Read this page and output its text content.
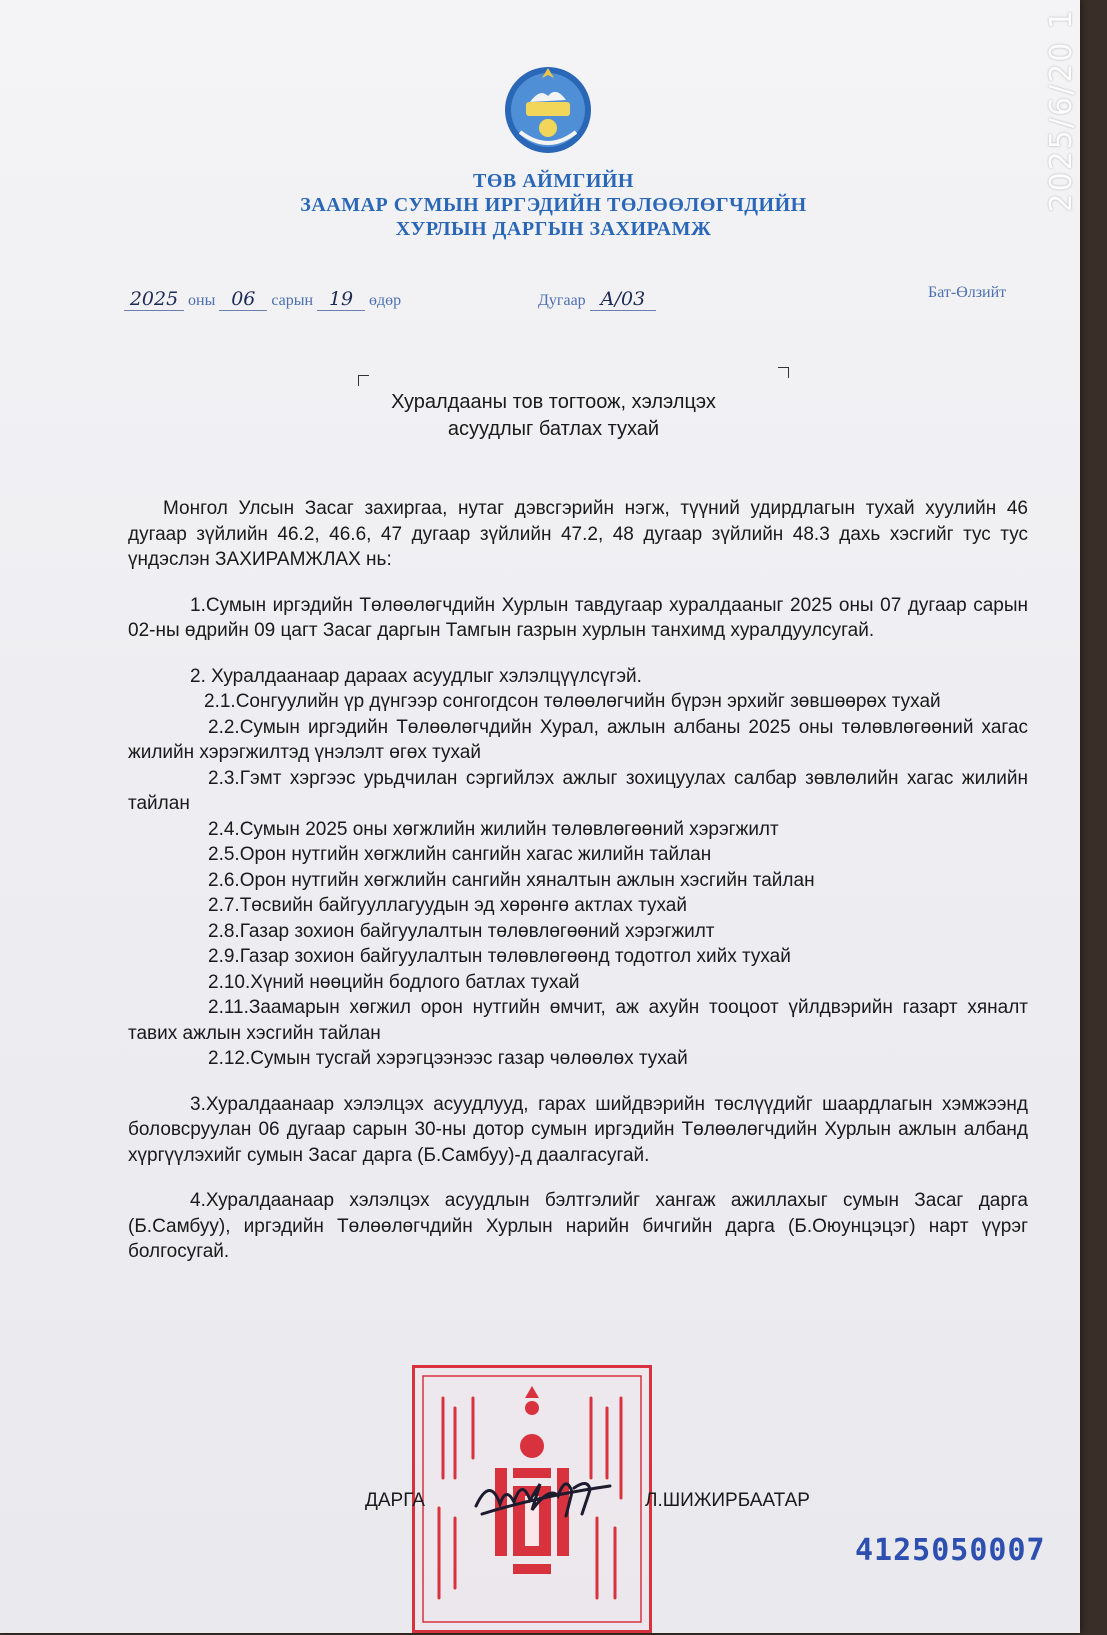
ТӨВ АЙМГИЙН
ЗААМАР СУМЫН ИРГЭДИЙН ТӨЛӨӨЛӨГЧДИЙН
ХУРЛЫН ДАРГЫН ЗАХИРАМЖ
2025 оны 06 сарын 19 өдөр	Дугаар А/03	Бат-Өлзийт
Хуралдааны тов тогтоож, хэлэлцэх
асуудлыг батлах тухай

Монгол Улсын Засаг захиргаа, нутаг дэвсгэрийн нэгж, түүний удирдлагын тухай хуулийн 46 дугаар зүйлийн 46.2, 46.6, 47 дугаар зүйлийн 47.2, 48 дугаар зүйлийн 48.3 дахь хэсгийг тус тус үндэслэн ЗАХИРАМЖЛАХ нь:

1.Сумын иргэдийн Төлөөлөгчдийн Хурлын тавдугаар хуралдааныг 2025 оны 07 дугаар сарын 02-ны өдрийн 09 цагт Засаг даргын Тамгын газрын хурлын танхимд хуралдуулсугай.

2. Хуралдаанаар дараах асуудлыг хэлэлцүүлсүгэй.

2.1.Сонгуулийн үр дүнгээр сонгогдсон төлөөлөгчийн бүрэн эрхийг зөвшөөрөх тухай

2.2.Сумын иргэдийн Төлөөлөгчдийн Хурал, ажлын албаны 2025 оны төлөвлөгөөний хагас жилийн хэрэгжилтэд үнэлэлт өгөх тухай

2.3.Гэмт хэргээс урьдчилан сэргийлэх ажлыг зохицуулах салбар зөвлөлийн хагас жилийн тайлан

2.4.Сумын 2025 оны хөгжлийн жилийн төлөвлөгөөний хэрэгжилт

2.5.Орон нутгийн хөгжлийн сангийн хагас жилийн тайлан

2.6.Орон нутгийн хөгжлийн сангийн хяналтын ажлын хэсгийн тайлан

2.7.Төсвийн байгууллагуудын эд хөрөнгө актлах тухай

2.8.Газар зохион байгуулалтын төлөвлөгөөний хэрэгжилт

2.9.Газар зохион байгуулалтын төлөвлөгөөнд тодотгол хийх тухай

2.10.Хүний нөөцийн бодлого батлах тухай

2.11.Заамарын хөгжил орон нутгийн өмчит, аж ахуйн тооцоот үйлдвэрийн газарт хяналт тавих ажлын хэсгийн тайлан

2.12.Сумын тусгай хэрэгцээнээс газар чөлөөлөх тухай

3.Хуралдаанаар хэлэлцэх асуудлууд, гарах шийдвэрийн төслүүдийг шаардлагын хэмжээнд боловсруулан 06 дугаар сарын 30-ны дотор сумын иргэдийн Төлөөлөгчдийн Хурлын ажлын албанд хүргүүлэхийг сумын Засаг дарга (Б.Самбуу)-д даалгасугай.

4.Хуралдаанаар хэлэлцэх асуудлын бэлтгэлийг хангаж ажиллахыг сумын Засаг дарга (Б.Самбуу), иргэдийн Төлөөлөгчдийн Хурлын нарийн бичгийн дарга (Б.Оюунцэцэг) нарт үүрэг болгосугай.

ДАРГА	Л.ШИЖИРБААТАР
4125050007
2025/6/20 1
